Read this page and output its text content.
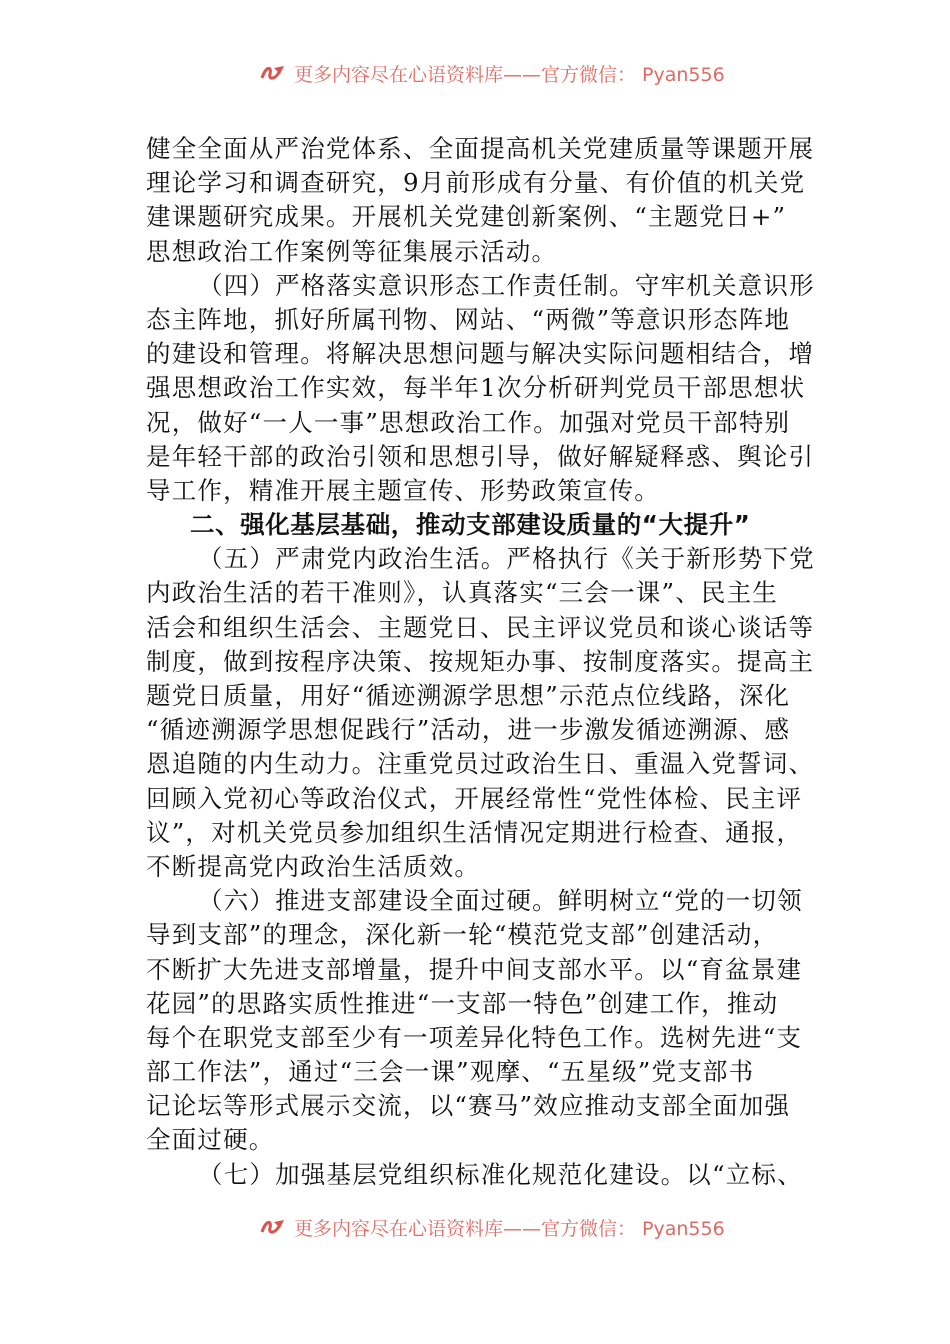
更多内容尽在心语资料库——官方微信： Pyan556
健全全面从严治党体系、全面提高机关党建质量等课题开展
理论学习和调查研究，9月前形成有分量、有价值的机关党
建课题研究成果。开展机关党建创新案例、“主题党日+”
思想政治工作案例等征集展示活动。
（四）严格落实意识形态工作责任制。守牢机关意识形
态主阵地，抓好所属刊物、网站、“两微”等意识形态阵地
的建设和管理。将解决思想问题与解决实际问题相结合，增
强思想政治工作实效，每半年1次分析研判党员干部思想状
况，做好“一人一事”思想政治工作。加强对党员干部特别
是年轻干部的政治引领和思想引导，做好解疑释惑、舆论引
导工作，精准开展主题宣传、形势政策宣传。
二、强化基层基础，推动支部建设质量的“大提升”
（五）严肃党内政治生活。严格执行《关于新形势下党
内政治生活的若干准则》，认真落实“三会一课”、民主生
活会和组织生活会、主题党日、民主评议党员和谈心谈话等
制度，做到按程序决策、按规矩办事、按制度落实。提高主
题党日质量，用好“循迹溯源学思想”示范点位线路，深化
“循迹溯源学思想促践行”活动，进一步激发循迹溯源、感
恩追随的内生动力。注重党员过政治生日、重温入党誓词、
回顾入党初心等政治仪式，开展经常性“党性体检、民主评
议”，对机关党员参加组织生活情况定期进行检查、通报，
不断提高党内政治生活质效。
（六）推进支部建设全面过硬。鲜明树立“党的一切领
导到支部”的理念，深化新一轮“模范党支部”创建活动，
不断扩大先进支部增量，提升中间支部水平。以“育盆景建
花园”的思路实质性推进“一支部一特色”创建工作，推动
每个在职党支部至少有一项差异化特色工作。选树先进“支
部工作法”，通过“三会一课”观摩、“五星级”党支部书
记论坛等形式展示交流，以“赛马”效应推动支部全面加强
全面过硬。
（七）加强基层党组织标准化规范化建设。以“立标、
更多内容尽在心语资料库——官方微信： Pyan556
